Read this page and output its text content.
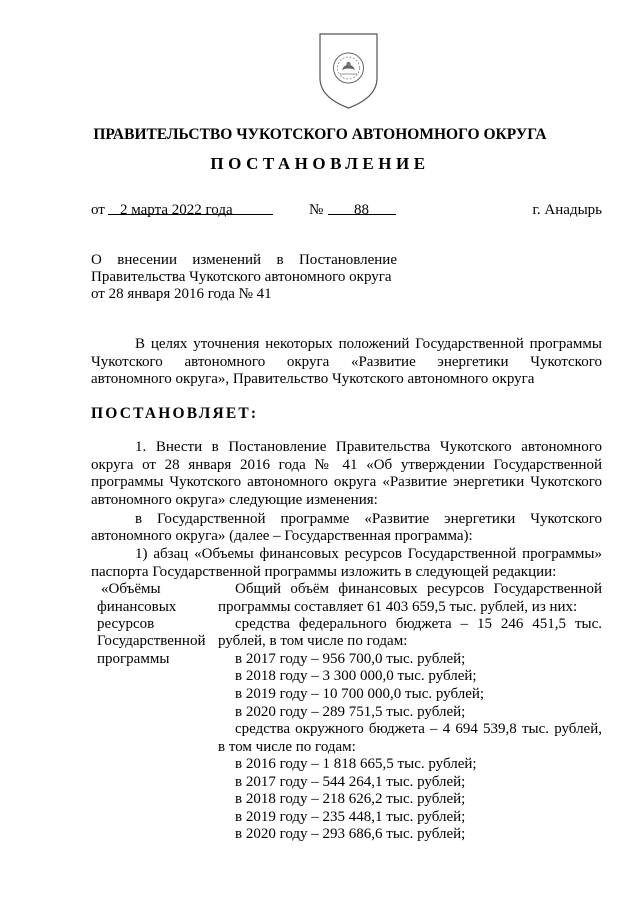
ПРАВИТЕЛЬСТВО ЧУКОТСКОГО АВТОНОМНОГО ОКРУГА
ПОСТАНОВЛЕНИЕ
от 2 марта 2022 года	№ 88	г. Анадырь
О внесении изменений в Постановление
Правительства Чукотского автономного округа
от 28 января 2016 года № 41
В целях уточнения некоторых положений Государственной программы
Чукотского автономного округа «Развитие энергетики Чукотского
автономного округа», Правительство Чукотского автономного округа
ПОСТАНОВЛЯЕТ:
1. Внести в Постановление Правительства Чукотского автономного
округа от 28 января 2016 года № 41 «Об утверждении Государственной
программы Чукотского автономного округа «Развитие энергетики Чукотского
автономного округа» следующие изменения:
в Государственной программе «Развитие энергетики Чукотского
автономного округа» (далее – Государственная программа):
1) абзац «Объемы финансовых ресурсов Государственной программы»
паспорта Государственной программы изложить в следующей редакции:
«Объёмы
финансовых
ресурсов
Государственной
программы
Общий объём финансовых ресурсов Государственной
программы составляет 61 403 659,5 тыс. рублей, из них:
средства федерального бюджета – 15 246 451,5 тыс.
рублей, в том числе по годам:
в 2017 году – 956 700,0 тыс. рублей;
в 2018 году – 3 300 000,0 тыс. рублей;
в 2019 году – 10 700 000,0 тыс. рублей;
в 2020 году – 289 751,5 тыс. рублей;
средства окружного бюджета – 4 694 539,8 тыс. рублей,
в том числе по годам:
в 2016 году – 1 818 665,5 тыс. рублей;
в 2017 году – 544 264,1 тыс. рублей;
в 2018 году – 218 626,2 тыс. рублей;
в 2019 году – 235 448,1 тыс. рублей;
в 2020 году – 293 686,6 тыс. рублей;
